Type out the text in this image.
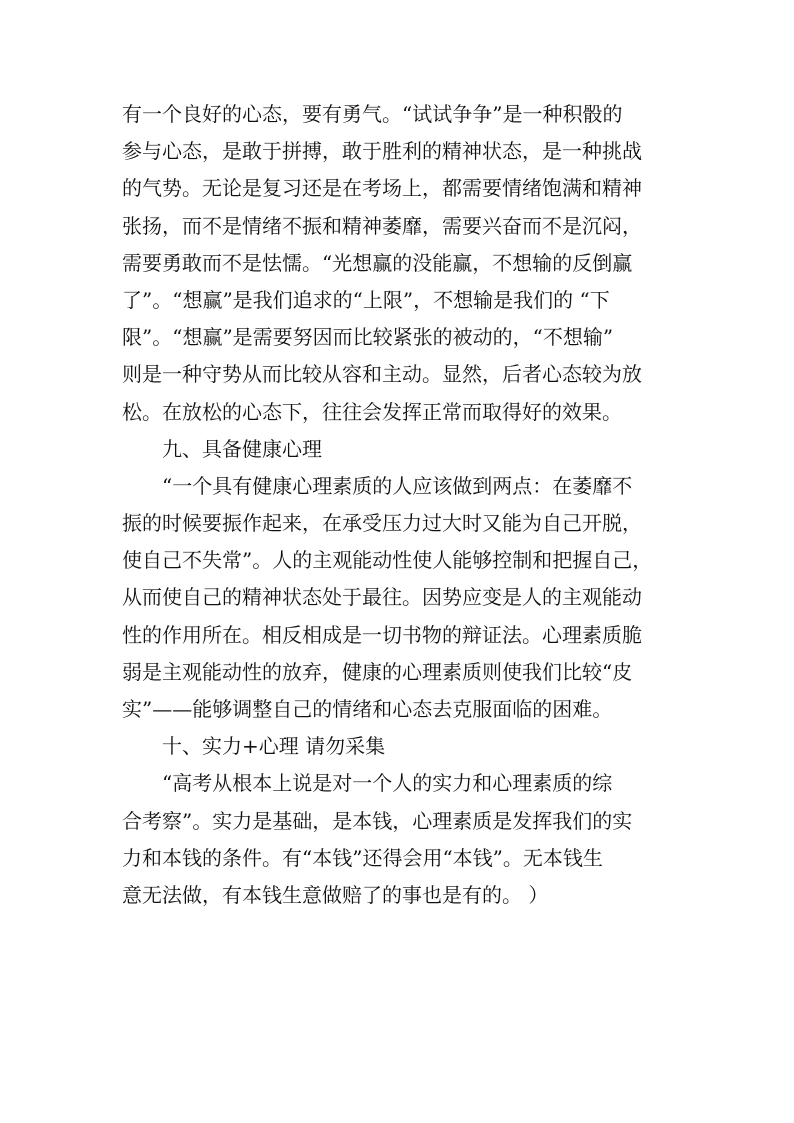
有一个良好的心态，要有勇气。“试试争争”是一种积骰的
参与心态，是敢于拼搏，敢于胜利的精神状态，是一种挑战
的气势。无论是复习还是在考场上，都需要情绪饱满和精神
张扬，而不是情绪不振和精神萎靡，需要兴奋而不是沉闷，
需要勇敢而不是怯懦。“光想赢的没能赢，不想输的反倒赢
了”。“想赢”是我们追求的“上限”，不想输是我们的 “下
限”。“想赢”是需要努因而比较紧张的被动的，“不想输”
则是一种守势从而比较从容和主动。显然，后者心态较为放
松。在放松的心态下，往往会发挥正常而取得好的效果。
九、具备健康心理
“一个具有健康心理素质的人应该做到两点：在萎靡不
振的时候要振作起来，在承受压力过大时又能为自己开脱，
使自己不失常”。人的主观能动性使人能够控制和把握自己，
从而使自己的精神状态处于最往。因势应变是人的主观能动
性的作用所在。相反相成是一切书物的辩证法。心理素质脆
弱是主观能动性的放弃，健康的心理素质则使我们比较“皮
实”——能够调整自己的情绪和心态去克服面临的困难。
十、实力+心理 请勿采集
“高考从根本上说是对一个人的实力和心理素质的综
合考察”。实力是基础，是本钱，心理素质是发挥我们的实
力和本钱的条件。有“本钱”还得会用“本钱”。无本钱生
意无法做，有本钱生意做赔了的事也是有的。 ）
